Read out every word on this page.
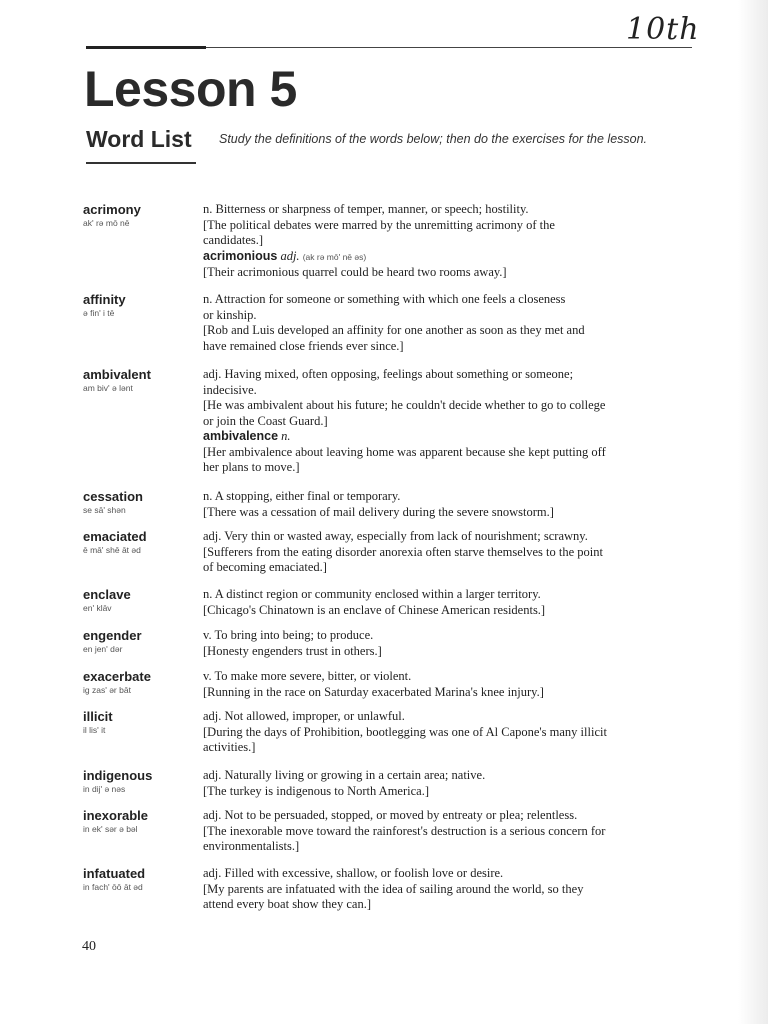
10th
Lesson 5
Word List Study the definitions of the words below; then do the exercises for the lesson.
acrimony
ak' rə mō nē
n. Bitterness or sharpness of temper, manner, or speech; hostility.
[The political debates were marred by the unremitting acrimony of the
candidates.]
acrimonious adj. (ak rə mō' nē əs)
[Their acrimonious quarrel could be heard two rooms away.]
affinity
ə fin' i tē
n. Attraction for someone or something with which one feels a closeness
or kinship.
[Rob and Luis developed an affinity for one another as soon as they met and
have remained close friends ever since.]
ambivalent
am biv' ə lənt
adj. Having mixed, often opposing, feelings about something or someone;
indecisive.
[He was ambivalent about his future; he couldn't decide whether to go to college
or join the Coast Guard.]
ambivalence n.
[Her ambivalence about leaving home was apparent because she kept putting off
her plans to move.]
cessation
se sā' shən
n. A stopping, either final or temporary.
[There was a cessation of mail delivery during the severe snowstorm.]
emaciated
ē mā' shē āt əd
adj. Very thin or wasted away, especially from lack of nourishment; scrawny.
[Sufferers from the eating disorder anorexia often starve themselves to the point
of becoming emaciated.]
enclave
en' klāv
n. A distinct region or community enclosed within a larger territory.
[Chicago's Chinatown is an enclave of Chinese American residents.]
engender
en jen' dər
v. To bring into being; to produce.
[Honesty engenders trust in others.]
exacerbate
ig zas' ər bāt
v. To make more severe, bitter, or violent.
[Running in the race on Saturday exacerbated Marina's knee injury.]
illicit
il lis' it
adj. Not allowed, improper, or unlawful.
[During the days of Prohibition, bootlegging was one of Al Capone's many illicit
activities.]
indigenous
in dij' ə nəs
adj. Naturally living or growing in a certain area; native.
[The turkey is indigenous to North America.]
inexorable
in ek' sər ə bəl
adj. Not to be persuaded, stopped, or moved by entreaty or plea; relentless.
[The inexorable move toward the rainforest's destruction is a serious concern for
environmentalists.]
infatuated
in fach' ōō āt əd
adj. Filled with excessive, shallow, or foolish love or desire.
[My parents are infatuated with the idea of sailing around the world, so they
attend every boat show they can.]
40
